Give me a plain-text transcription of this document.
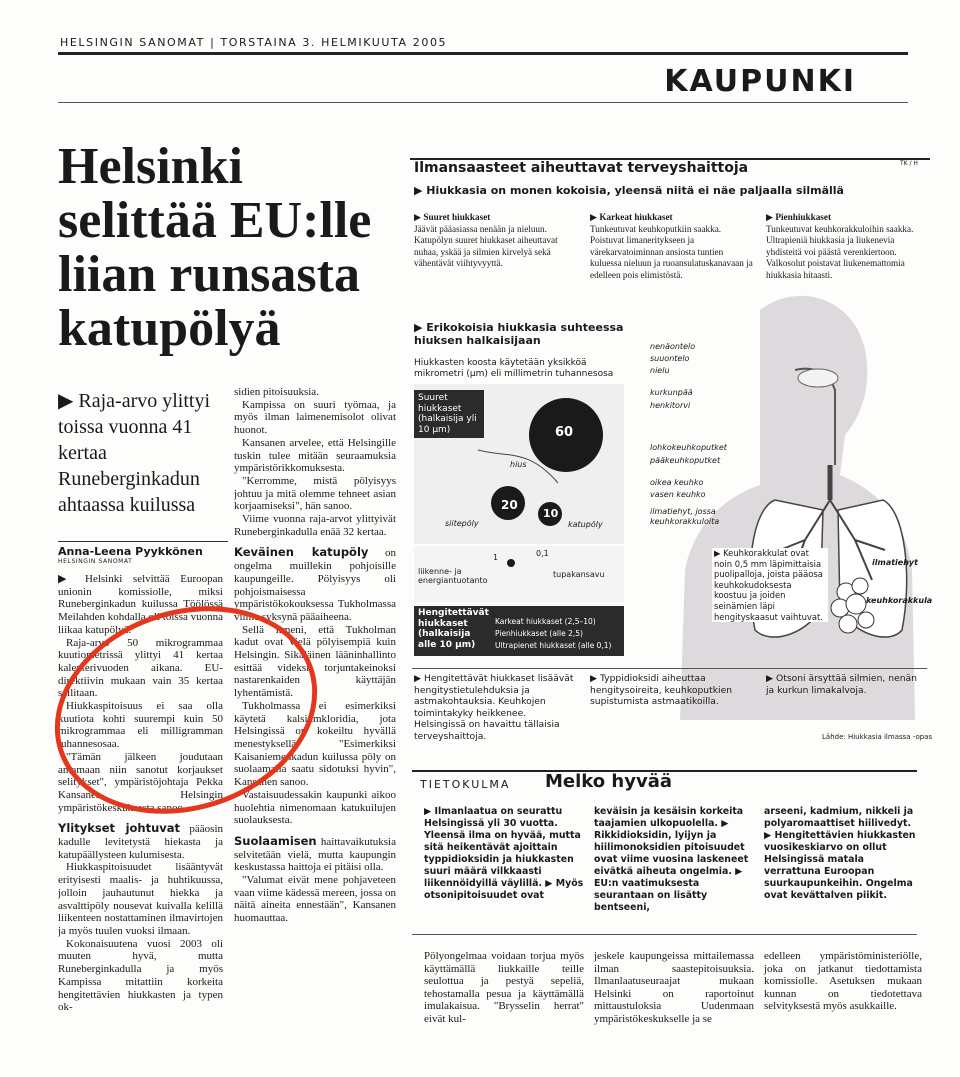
HELSINGIN SANOMAT | TORSTAINA 3. HELMIKUUTA 2005
KAUPUNKI
Helsinki selittää EU:lle liian runsasta katupölyä
▶ Raja-arvo ylittyi toissa vuonna 41 kertaa Runeberginkadun ahtaassa kuilussa
Anna-Leena Pyykkönen
HELSINGIN SANOMAT

▶ Helsinki selvittää Euroopan unionin komissiolle, miksi Runeberginkadun kuilussa Töölössä Meilahden kohdalla oli toissa vuonna liikaa katupölyä.

Raja-arvo 50 mikrogrammaa kuutiometrissä ylittyi 41 kertaa kalenterivuoden aikana. EU-direktiivin mukaan vain 35 kertaa sallitaan.

Hiukkaspitoisuus ei saa olla kuutiota kohti suurempi kuin 50 mikrogrammaa eli milligramman tuhannesosaa.

"Tämän jälkeen joudutaan antamaan niin sanotut korjaukset selitykset", ympäristöjohtaja Pekka Kansanen Helsingin ympäristökeskuksesta sanoo.

Ylitykset johtuvat pääosin kadulle levitetystä hiekasta ja katupäällysteen kulumisesta.

Hiukkaspitoisuudet lisääntyvät erityisesti maalis- ja huhtikuussa, jolloin jauhautunut hiekka ja asvalttipöly nousevat kuivalla kelillä liikenteen nostattaminen ilmavirtojen ja myös tuulen vuoksi ilmaan.

Kokonaisuutena vuosi 2003 oli muuten hyvä, mutta Runeberginkadulla ja myös Kampissa mitattiin korkeita hengitettävien hiukkasten ja typen ok-

sidien pitoisuuksia.

Kampissa on suuri työmaa, ja myös ilman laimenemisolot olivat huonot.

Kansanen arvelee, että Helsingille tuskin tulee mitään seuraamuksia ympäristörikkomuksesta.

"Kerromme, mistä pölyisyys johtuu ja mitä olemme tehneet asian korjaamiseksi", hän sanoo.

Viime vuonna raja-arvot ylittyivät Runeberginkadulla enää 32 kertaa.

Keväinen katupöly on ongelma muillekin pohjoisille kaupungeille. Pölyisyys oli pohjoismaisessa ympäristökokouksessa Tukholmassa viime syksynä pääaiheena.

Sellä ilmeni, että Tukholman kadut ovat vielä pölyisempiä kuin Helsingin. Sikäläinen lääninhallinto esittää videksi torjuntakeinoksi nastarenkaiden käyttäjän lyhentämistä.

Tukholmassa ei esimerkiksi käytetä kalsiumkloridia, jota Helsingissä on kokeiltu hyvällä menestyksellä. "Esimerkiksi Kaisaniemenkadun kuilussa pöly on suolaamalla saatu sidotuksi hyvin", Kansanen sanoo.

Vastaisuudessakin kaupunki aikoo huolehtia nimenomaan katukuilujen suolauksesta.

Suolaamisen haittavaikutuksia selvitetään vielä, mutta kaupungin keskustassa haittoja ei pitäisi olla.

"Valumat eivät mene pohjaveteen vaan viime kädessä mereen, jossa on näitä aineita ennestään", Kansanen huomauttaa.

Ilmansaasteet aiheuttavat terveyshaittoja	TK / H
▶ Hiukkasia on monen kokoisia, yleensä niitä ei näe paljaalla silmällä
▶ Suuret hiukkaset
Jäävät pääasiassa nenään ja nieluun. Katupölyn suuret hiukkaset aiheuttavat nuhaa, yskää ja silmien kirvelyä sekä vähentävät viihtyvyyttä.
▶ Karkeat hiukkaset
Tunkeutuvat keuhkoputkiin saakka. Poistuvat limaneritykseen ja värekarvatoiminnan ansiosta tuntien kuluessa nieluun ja ruoansulatuskanavaan ja edelleen pois elimistöstä.
▶ Pienhiukkaset
Tunkeutuvat keuhkorakkuloihin saakka. Ultrapieniä hiukkasia ja liukenevia yhdisteitä voi päästä verenkiertoon. Valkosolut poistavat liukenemattomia hiukkasia hitaasti.
▶ Erikokoisia hiukkasia suhteessa hiuksen halkaisijaan
Hiukkasten koosta käytetään yksikköä mikrometri (µm) eli millimetrin tuhannesosa
Suuret hiukkaset (halkaisija yli 10 µm)	60
20
10
hius
siitepöly	katupöly
1	0,1
liikenne- ja energiantuotanto
tupakansavu
Hengitettävät hiukkaset (halkaisija alle 10 µm)
Karkeat hiukkaset (2,5–10)
Pienhiukkaset (alle 2,5)
Ultrapienet hiukkaset (alle 0,1)
nenäontelo
suuontelo
nielu
kurkunpää
henkitorvi
lohkokeuhkoputket
pääkeuhkoputket
oikea keuhko
vasen keuhko
ilmatiehyt, jossa keuhkorakkuloita
▶ Keuhkorakkulat ovat noin 0,5 mm läpimittaisia puolipalloja, joista pääosa keuhkokudoksesta koostuu ja joiden seinämien läpi hengityskaasut vaihtuvat.
ilmatiehyt
keuhkorakkula
▶ Hengitettävät hiukkaset lisäävät hengitystietulehduksia ja astmakohtauksia. Keuhkojen toimintakyky heikkenee. Helsingissä on havaittu tällaisia terveyshaittoja.
▶ Typpidioksidi aiheuttaa hengitysoireita, keuhkoputkien supistumista astmaatikoilla.
▶ Otsoni ärsyttää silmien, nenän ja kurkun limakalvoja.
Lähde: Hiukkasia ilmassa -opas
TIETOKULMA Melko hyvää
▶ Ilmanlaatua on seurattu Helsingissä yli 30 vuotta. Yleensä ilma on hyvää, mutta sitä heikentävät ajoittain typpidioksidin ja hiukkasten suuri määrä vilkkaasti liikennöidyillä väylillä. ▶ Myös otsonipitoisuudet ovat
keväisin ja kesäisin korkeita taajamien ulkopuolella. ▶ Rikkidioksidin, lyijyn ja hiilimonoksidien pitoisuudet ovat viime vuosina laskeneet eivätkä aiheuta ongelmia. ▶ EU:n vaatimuksesta seurantaan on lisätty bentseeni,
arseeni, kadmium, nikkeli ja polyaromaattiset hiilivedyt. ▶ Hengitettävien hiukkasten vuosikeskiarvo on ollut Helsingissä matala verrattuna Euroopan suurkaupunkeihin. Ongelma ovat kevättalven piikit.
Pölyongelmaa voidaan torjua myös käyttämällä liukkaille teille seulottua ja pestyä sepeliä, tehostamalla pesua ja käyttämällä imulakaisua. "Brysselin herrat" eivät kul-
jeskele kaupungeissa mittailemassa ilman saastepitoisuuksia. Ilmanlaatuseuraajat mukaan Helsinki on raportoinut mittaustuloksia Uudenmaan ympäristökeskukselle ja se
edelleen ympäristöministeriölle, joka on jatkanut tiedottamista komissiolle. Asetuksen mukaan kunnan on tiedotettava selvityksestä myös asukkaille.
